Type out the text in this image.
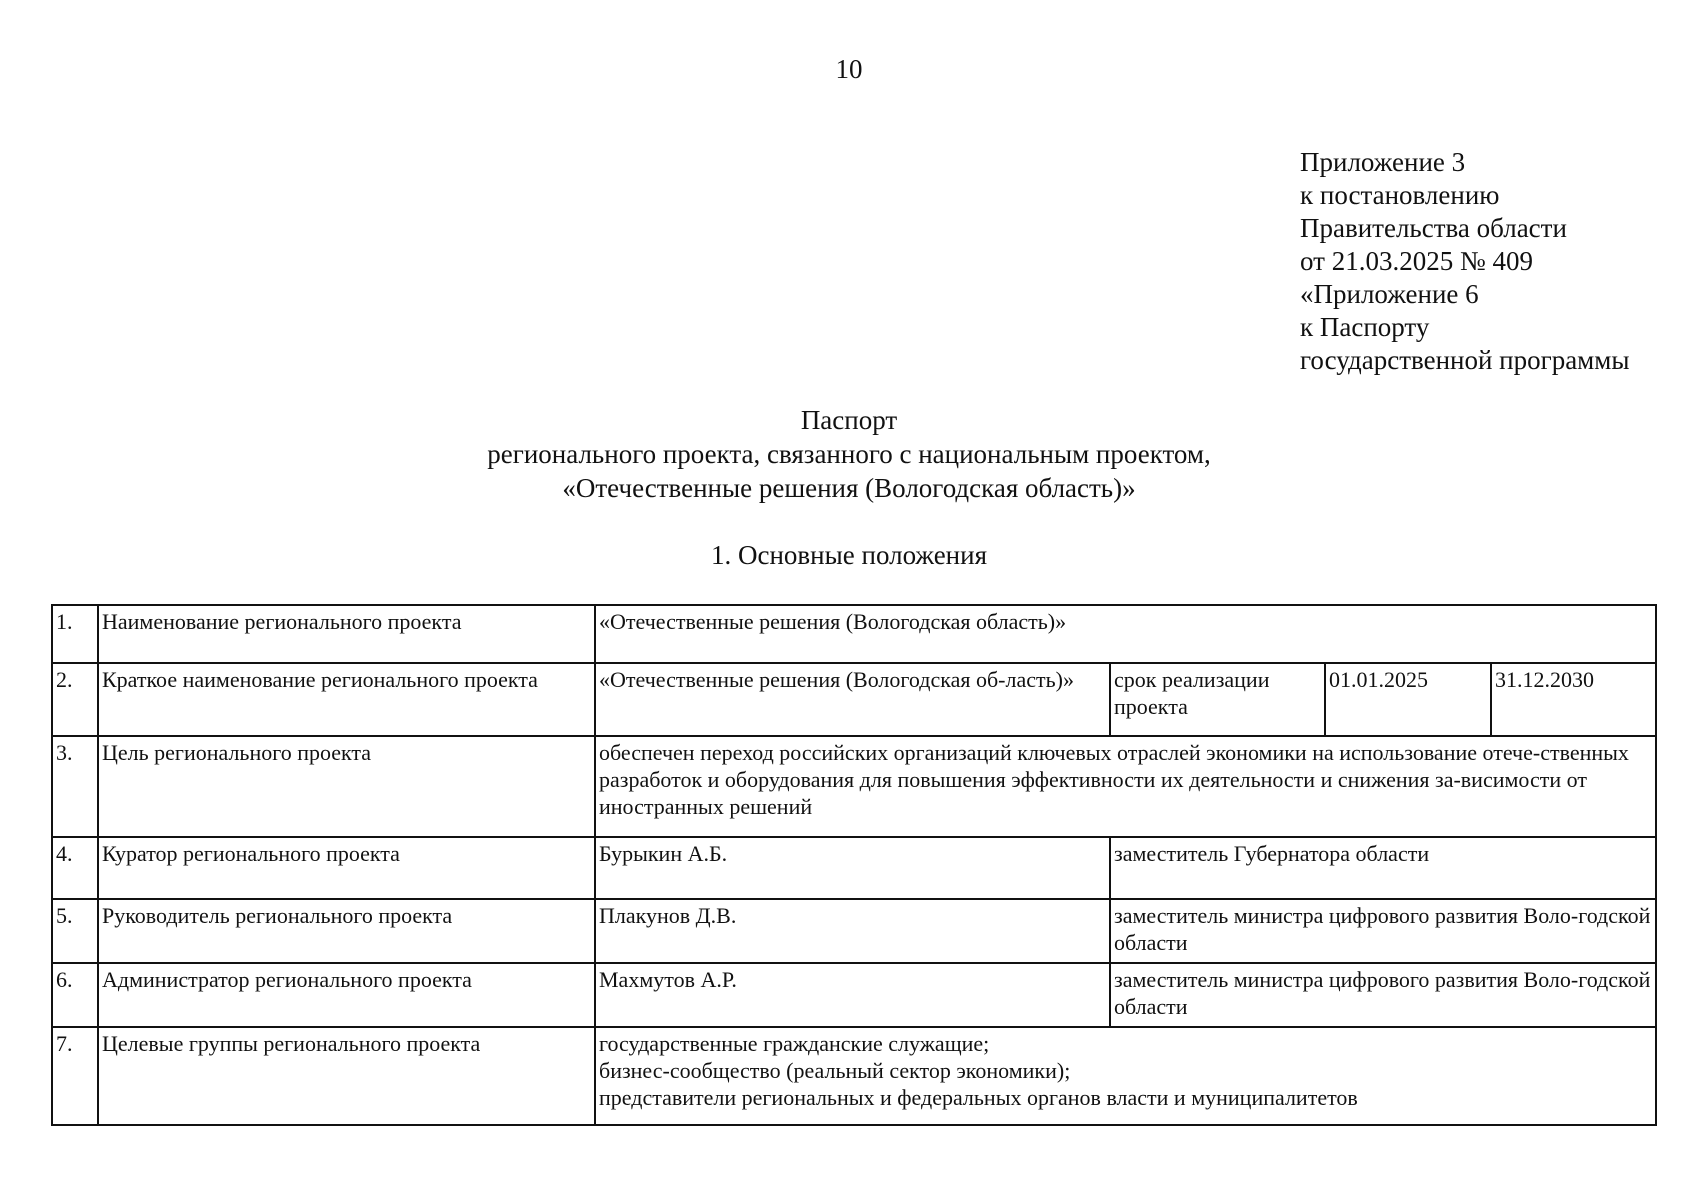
10
Приложение 3
к постановлению
Правительства области
от 21.03.2025 № 409
«Приложение 6
к Паспорту
государственной программы
Паспорт
регионального проекта, связанного с национальным проектом,
«Отечественные решения (Вологодская область)»
1. Основные положения
1.	Наименование регионального проекта	«Отечественные решения (Вологодская область)»			
2.	Краткое наименование регионального проекта	«Отечественные решения (Вологодская об-ласть)»	срок реализации проекта	01.01.2025	31.12.2030
3.	Цель регионального проекта	обеспечен переход российских организаций ключевых отраслей экономики на использование отече-ственных разработок и оборудования для повышения эффективности их деятельности и снижения за-висимости от иностранных решений			
4.	Куратор регионального проекта	Бурыкин А.Б.	заместитель Губернатора области		
5.	Руководитель регионального проекта	Плакунов Д.В.	заместитель министра цифрового развития Воло-годской области		
6.	Администратор регионального проекта	Махмутов А.Р.	заместитель министра цифрового развития Воло-годской области		
7.	Целевые группы регионального проекта	государственные гражданские служащие;
бизнес-сообщество (реальный сектор экономики);
представители региональных и федеральных органов власти и муниципалитетов			
